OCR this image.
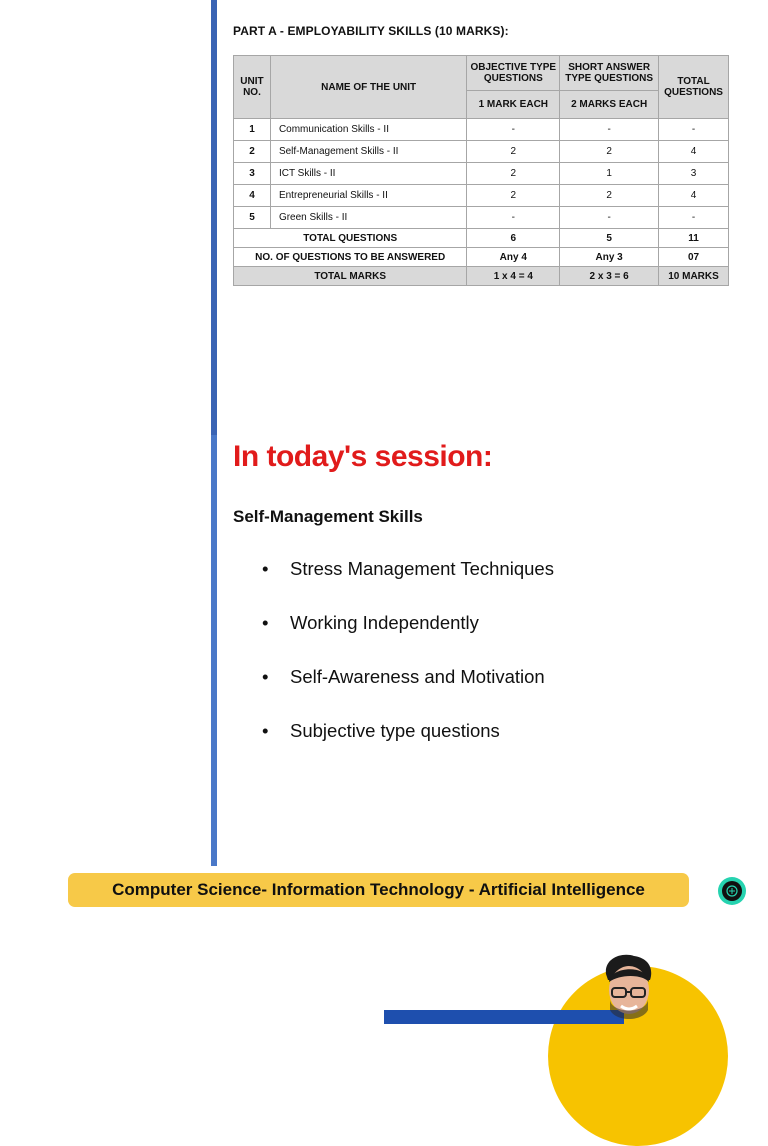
PART A - EMPLOYABILITY SKILLS (10 MARKS):
UNIT NO.	NAME OF THE UNIT	OBJECTIVE TYPE QUESTIONS	SHORT ANSWER TYPE QUESTIONS	TOTAL QUESTIONS
		1 MARK EACH	2 MARKS EACH	
1	Communication Skills - II	-	-	-
2	Self-Management Skills - II	2	2	4
3	ICT Skills - II	2	1	3
4	Entrepreneurial Skills - II	2	2	4
5	Green Skills - II	-	-	-
TOTAL QUESTIONS		6	5	11
NO. OF QUESTIONS TO BE ANSWERED		Any 4	Any 3	07
TOTAL MARKS		1 x 4 = 4	2 x 3 = 6	10 MARKS
In today's session:
Self-Management Skills
•	Stress Management Techniques
•	Working Independently
•	Self-Awareness and Motivation
•	Subjective type questions
Computer Science- Information Technology - Artificial Intelligence
